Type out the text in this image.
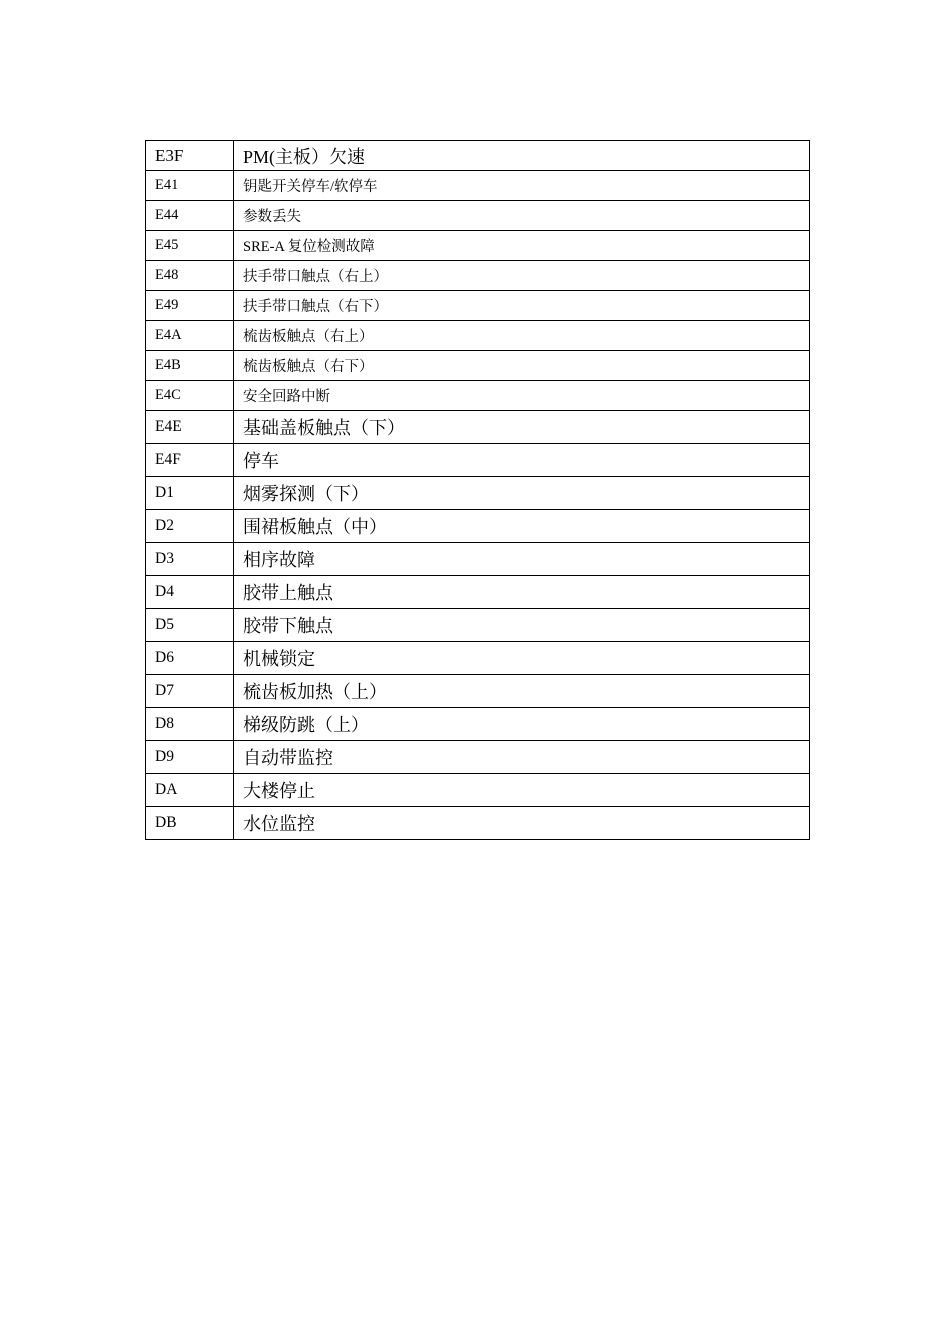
E3F	PM(主板）欠速
E41	钥匙开关停车/软停车
E44	参数丢失
E45	SRE-A 复位检测故障
E48	扶手带口触点（右上）
E49	扶手带口触点（右下）
E4A	梳齿板触点（右上）
E4B	梳齿板触点（右下）
E4C	安全回路中断
E4E	基础盖板触点（下）
E4F	停车
D1	烟雾探测（下）
D2	围裙板触点（中）
D3	相序故障
D4	胶带上触点
D5	胶带下触点
D6	机械锁定
D7	梳齿板加热（上）
D8	梯级防跳（上）
D9	自动带监控
DA	大楼停止
DB	水位监控
